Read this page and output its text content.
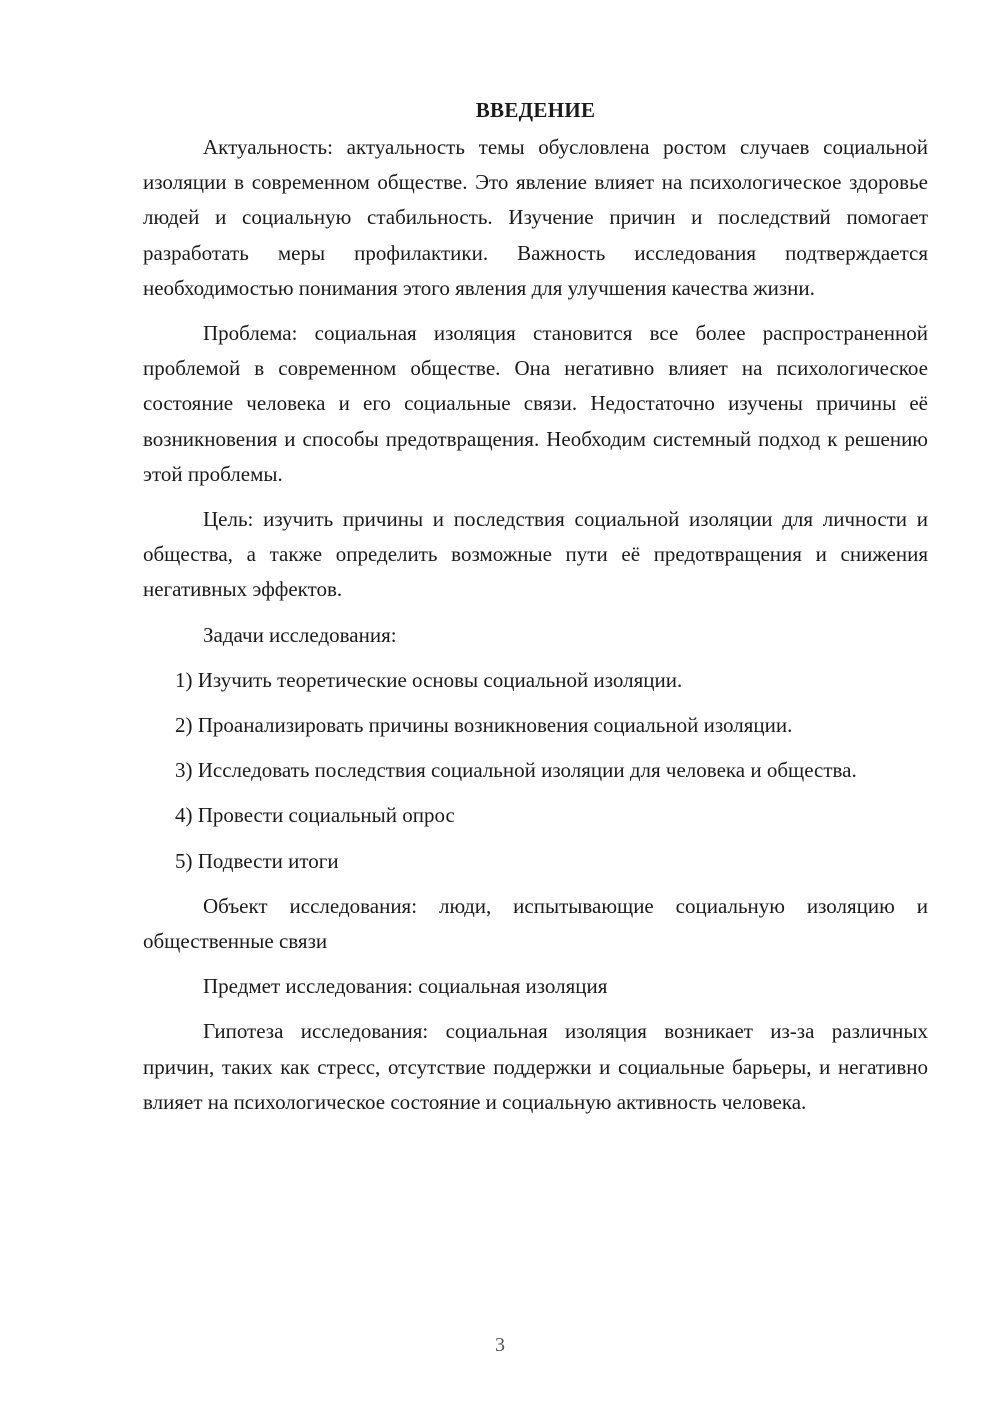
ВВЕДЕНИЕ

Актуальность: актуальность темы обусловлена ростом случаев социальной изоляции в современном обществе. Это явление влияет на психологическое здоровье людей и социальную стабильность. Изучение причин и последствий помогает разработать меры профилактики. Важность исследования подтверждается необходимостью понимания этого явления для улучшения качества жизни.

Проблема: социальная изоляция становится все более распространенной проблемой в современном обществе. Она негативно влияет на психологическое состояние человека и его социальные связи. Недостаточно изучены причины её возникновения и способы предотвращения. Необходим системный подход к решению этой проблемы.

Цель: изучить причины и последствия социальной изоляции для личности и общества, а также определить возможные пути её предотвращения и снижения негативных эффектов.

Задачи исследования:

1) Изучить теоретические основы социальной изоляции.

2) Проанализировать причины возникновения социальной изоляции.

3) Исследовать последствия социальной изоляции для человека и общества.

4) Провести социальный опрос

5) Подвести итоги

Объект исследования: люди, испытывающие социальную изоляцию и общественные связи

Предмет исследования: социальная изоляция

Гипотеза исследования: социальная изоляция возникает из-за различных причин, таких как стресс, отсутствие поддержки и социальные барьеры, и негативно влияет на психологическое состояние и социальную активность человека.

3
